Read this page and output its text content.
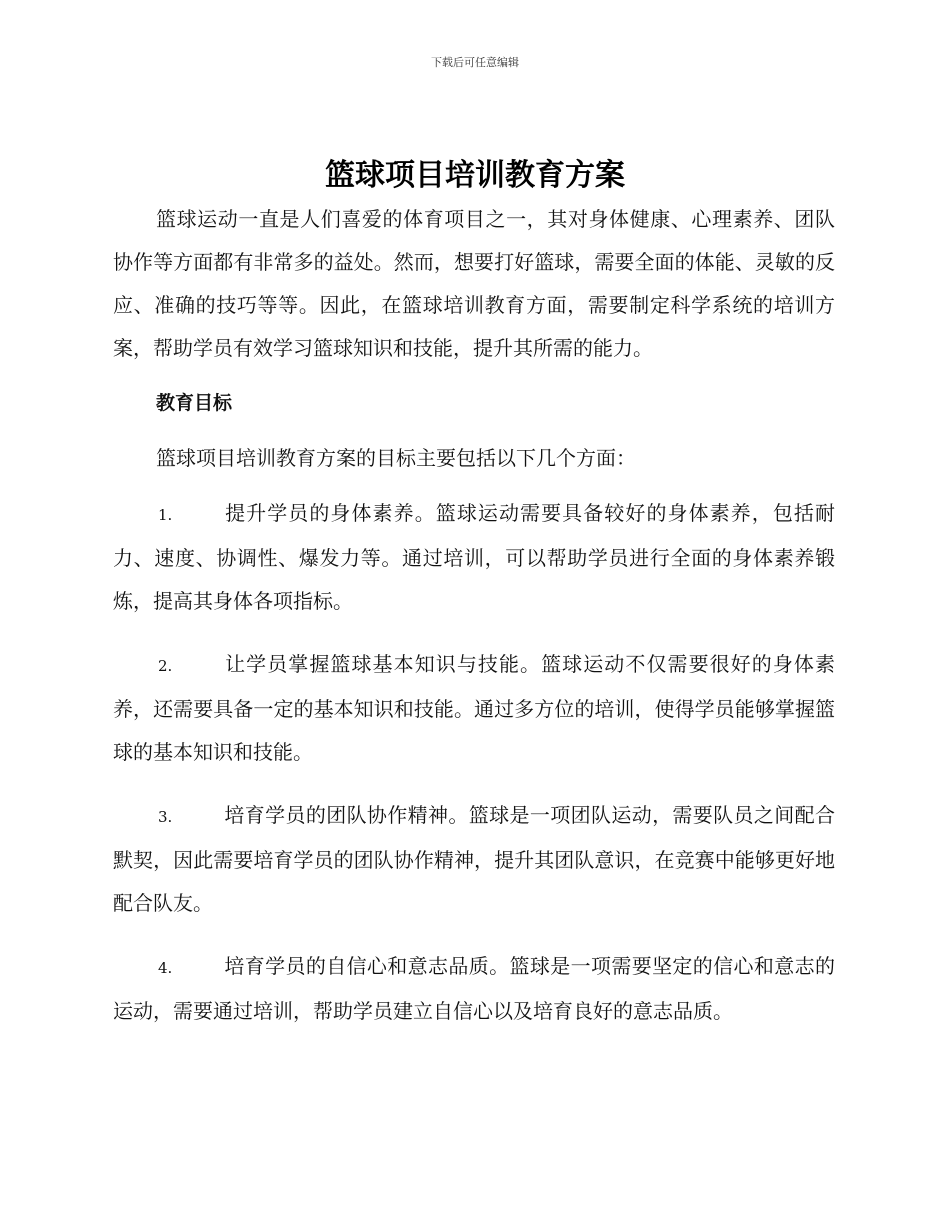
下载后可任意编辑
篮球项目培训教育方案

篮球运动一直是人们喜爱的体育项目之一，其对身体健康、心理素养、团队协作等方面都有非常多的益处。然而，想要打好篮球，需要全面的体能、灵敏的反应、准确的技巧等等。因此，在篮球培训教育方面，需要制定科学系统的培训方案，帮助学员有效学习篮球知识和技能，提升其所需的能力。

教育目标

篮球项目培训教育方案的目标主要包括以下几个方面：

1.	提升学员的身体素养。篮球运动需要具备较好的身体素养，包括耐力、速度、协调性、爆发力等。通过培训，可以帮助学员进行全面的身体素养锻炼，提高其身体各项指标。

2.	让学员掌握篮球基本知识与技能。篮球运动不仅需要很好的身体素养，还需要具备一定的基本知识和技能。通过多方位的培训，使得学员能够掌握篮球的基本知识和技能。

3.	培育学员的团队协作精神。篮球是一项团队运动，需要队员之间配合默契，因此需要培育学员的团队协作精神，提升其团队意识，在竞赛中能够更好地配合队友。

4.	培育学员的自信心和意志品质。篮球是一项需要坚定的信心和意志的运动，需要通过培训，帮助学员建立自信心以及培育良好的意志品质。
